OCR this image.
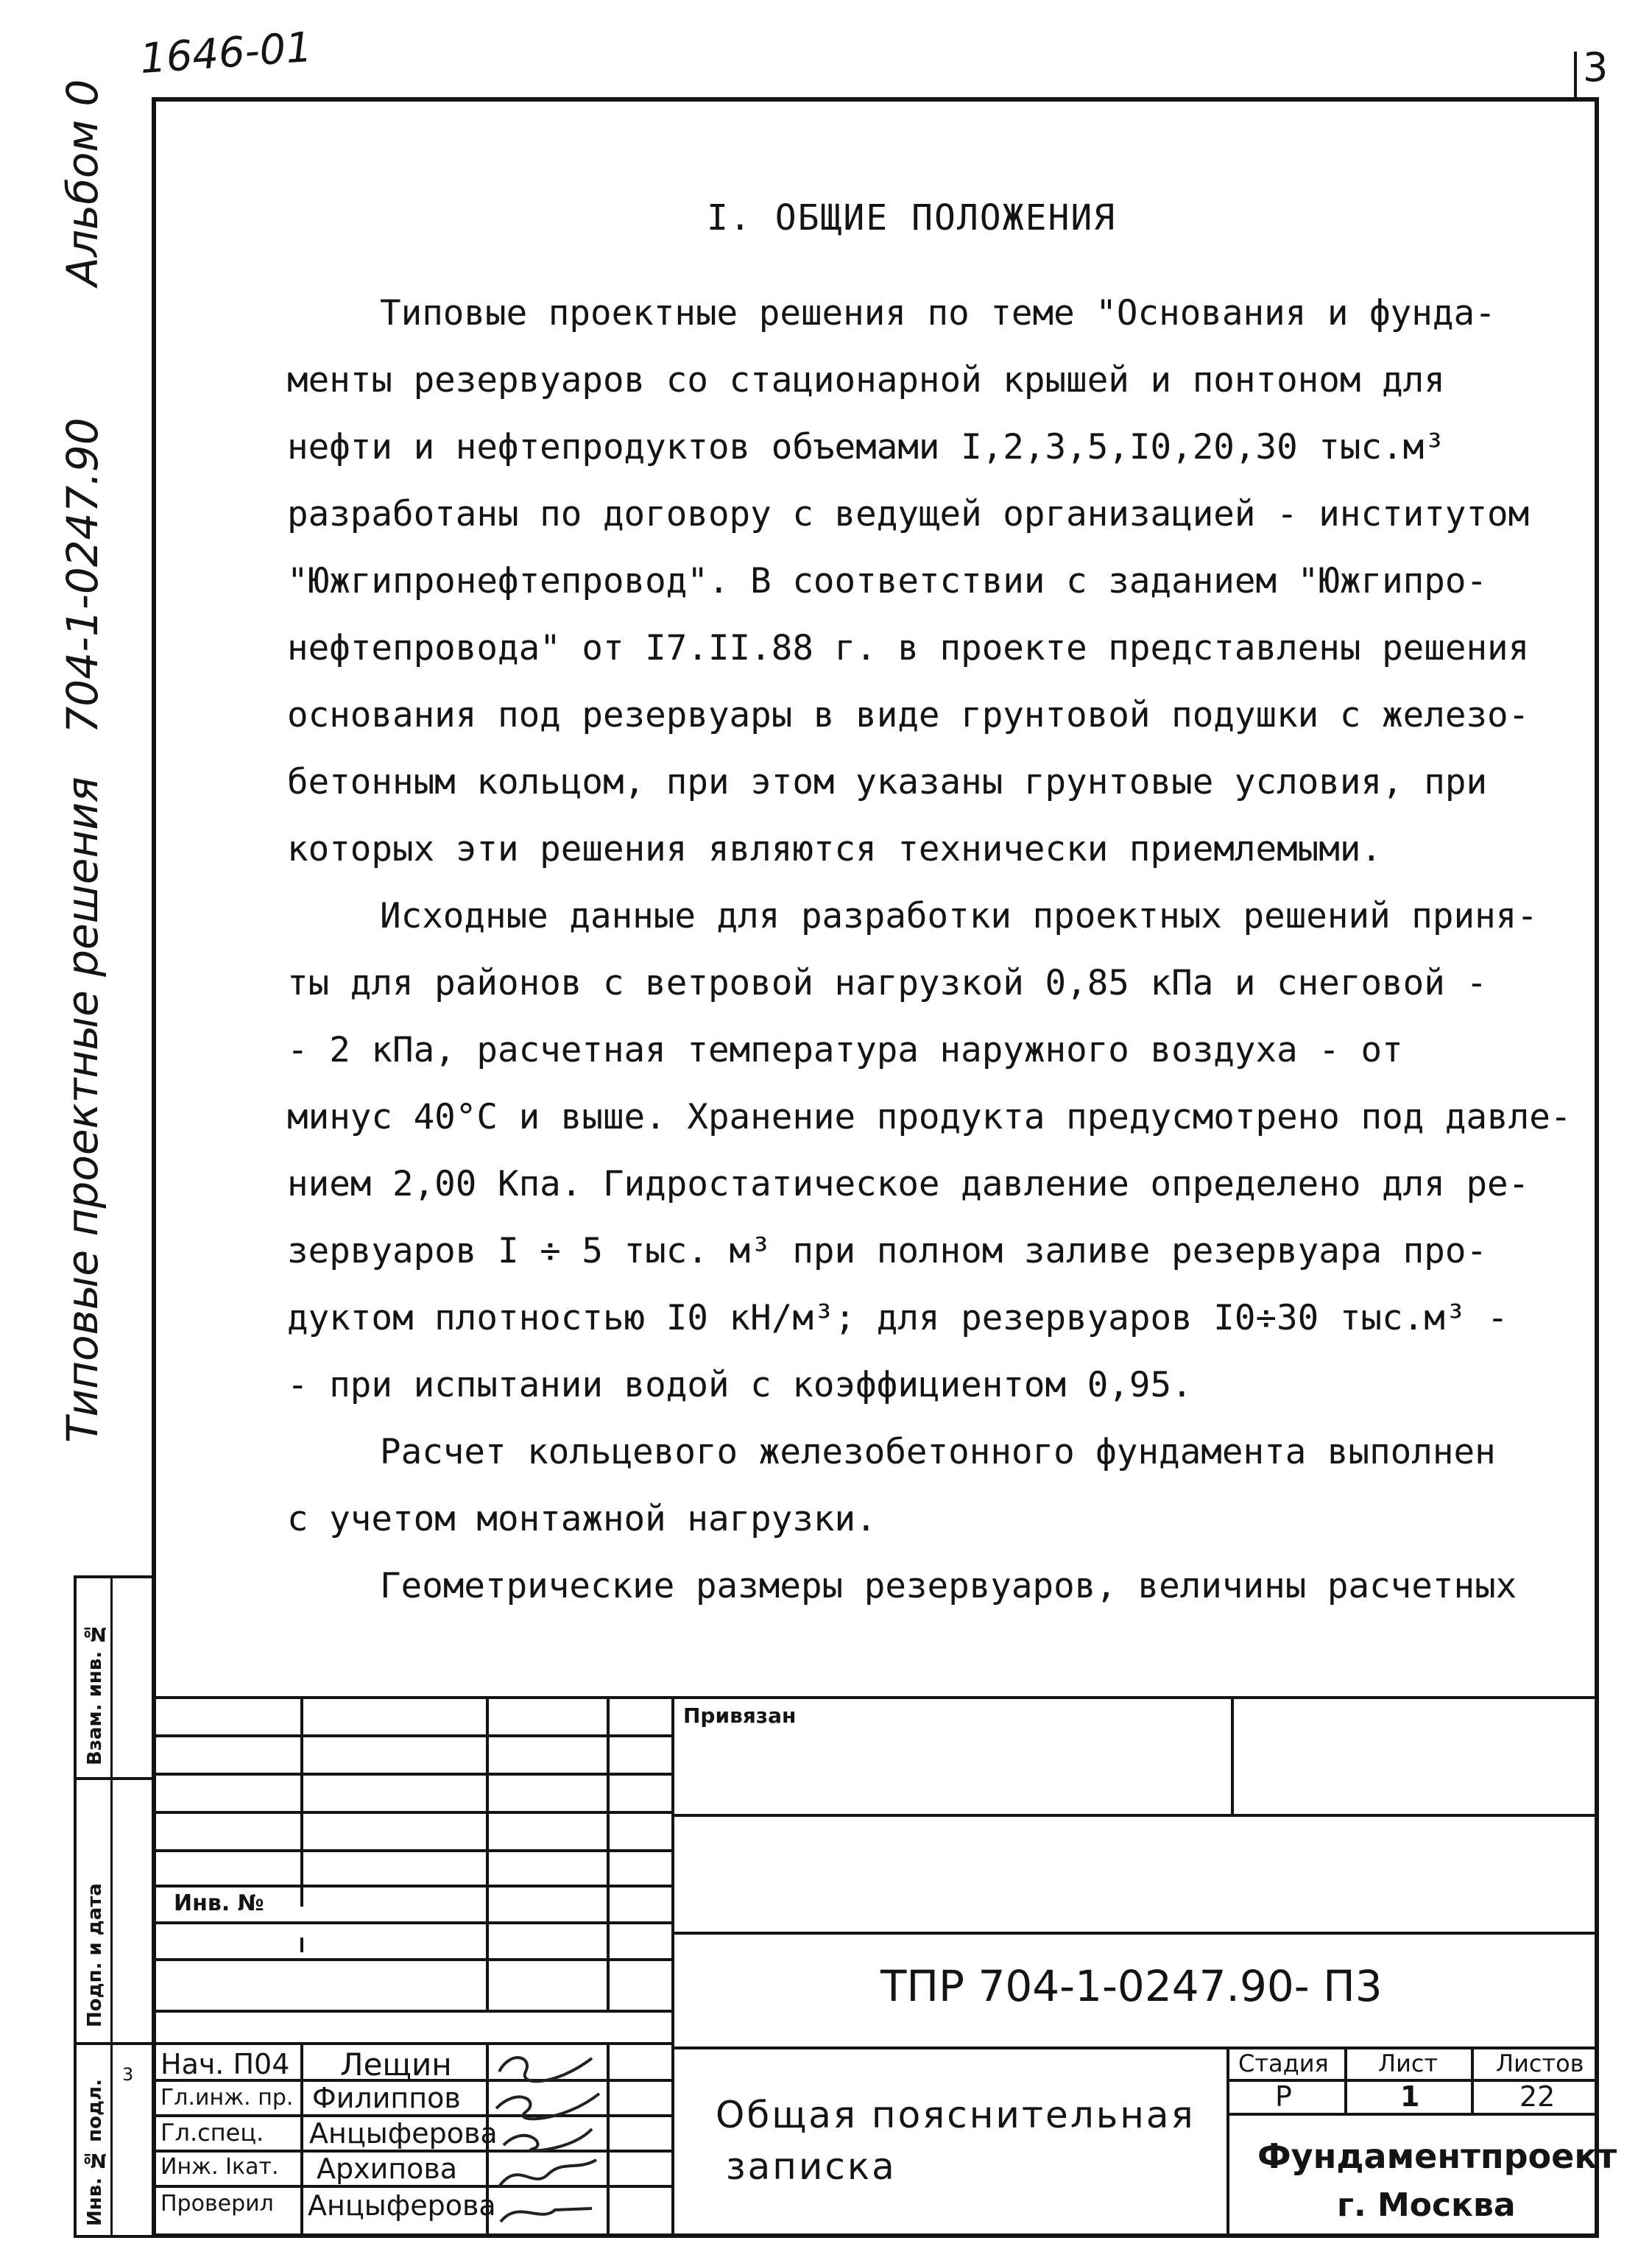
1646-01	3
Типовые проектные решения 704-1-0247.90 Альбом 0	I. ОБЩИЕ ПОЛОЖЕНИЯ
Типовые проектные решения по теме "Основания и фунда-
менты резервуаров со стационарной крышей и понтоном для
нефти и нефтепродуктов объемами I,2,3,5,I0,20,30 тыс.м³
разработаны по договору с ведущей организацией - институтом
"Южгипронефтепровод". В соответствии с заданием "Южгипро-
нефтепровода" от I7.II.88 г. в проекте представлены решения
основания под резервуары в виде грунтовой подушки с железо-
бетонным кольцом, при этом указаны грунтовые условия, при
которых эти решения являются технически приемлемыми.
Исходные данные для разработки проектных решений приня-
ты для районов с ветровой нагрузкой 0,85 кПа и снеговой -
- 2 кПа, расчетная температура наружного воздуха - от
минус 40°С и выше. Хранение продукта предусмотрено под давле-
нием 2,00 Кпа. Гидростатическое давление определено для ре-
зервуаров I ÷ 5 тыс. м³ при полном заливе резервуара про-
дуктом плотностью I0 кН/м³; для резервуаров I0÷30 тыс.м³ -
- при испытании водой с коэффициентом 0,95.
Расчет кольцевого железобетонного фундамента выполнен
с учетом монтажной нагрузки.
Геометрические размеры резервуаров, величины расчетных
Взам. инв. №
Подп. и дата
Инв. № подл.
3
Привязан
Инв. №
ТПР 704-1-0247.90- П3
Общая пояснительная
записка
Стадия Лист Листов
Р	1	22
Фундаментпроект
г. Москва
Нач. П04 Лещин
Гл.инж. пр. Филиппов
Гл.спец. Анцыферова
Инж. Iкат. Архипова
Проверил Анцыферова
